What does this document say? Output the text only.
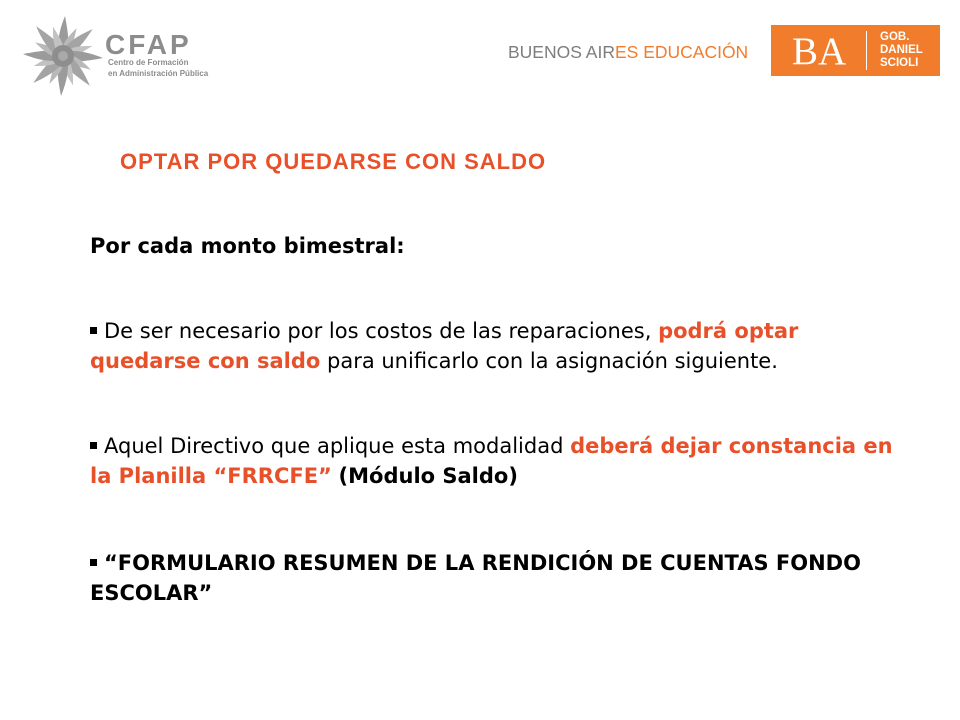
CFAP
Centro de Formación
en Administración Pública
BUENOS AIRES EDUCACIÓN BA	GOB.
DANIEL
SCIOLI
OPTAR POR QUEDARSE CON SALDO
Por cada monto bimestral:
De ser necesario por los costos de las reparaciones, podrá optar
quedarse con saldo para unificarlo con la asignación siguiente.
Aquel Directivo que aplique esta modalidad deberá dejar constancia en
la Planilla “FRRCFE” (Módulo Saldo)
“FORMULARIO RESUMEN DE LA RENDICIÓN DE CUENTAS FONDO
ESCOLAR”
